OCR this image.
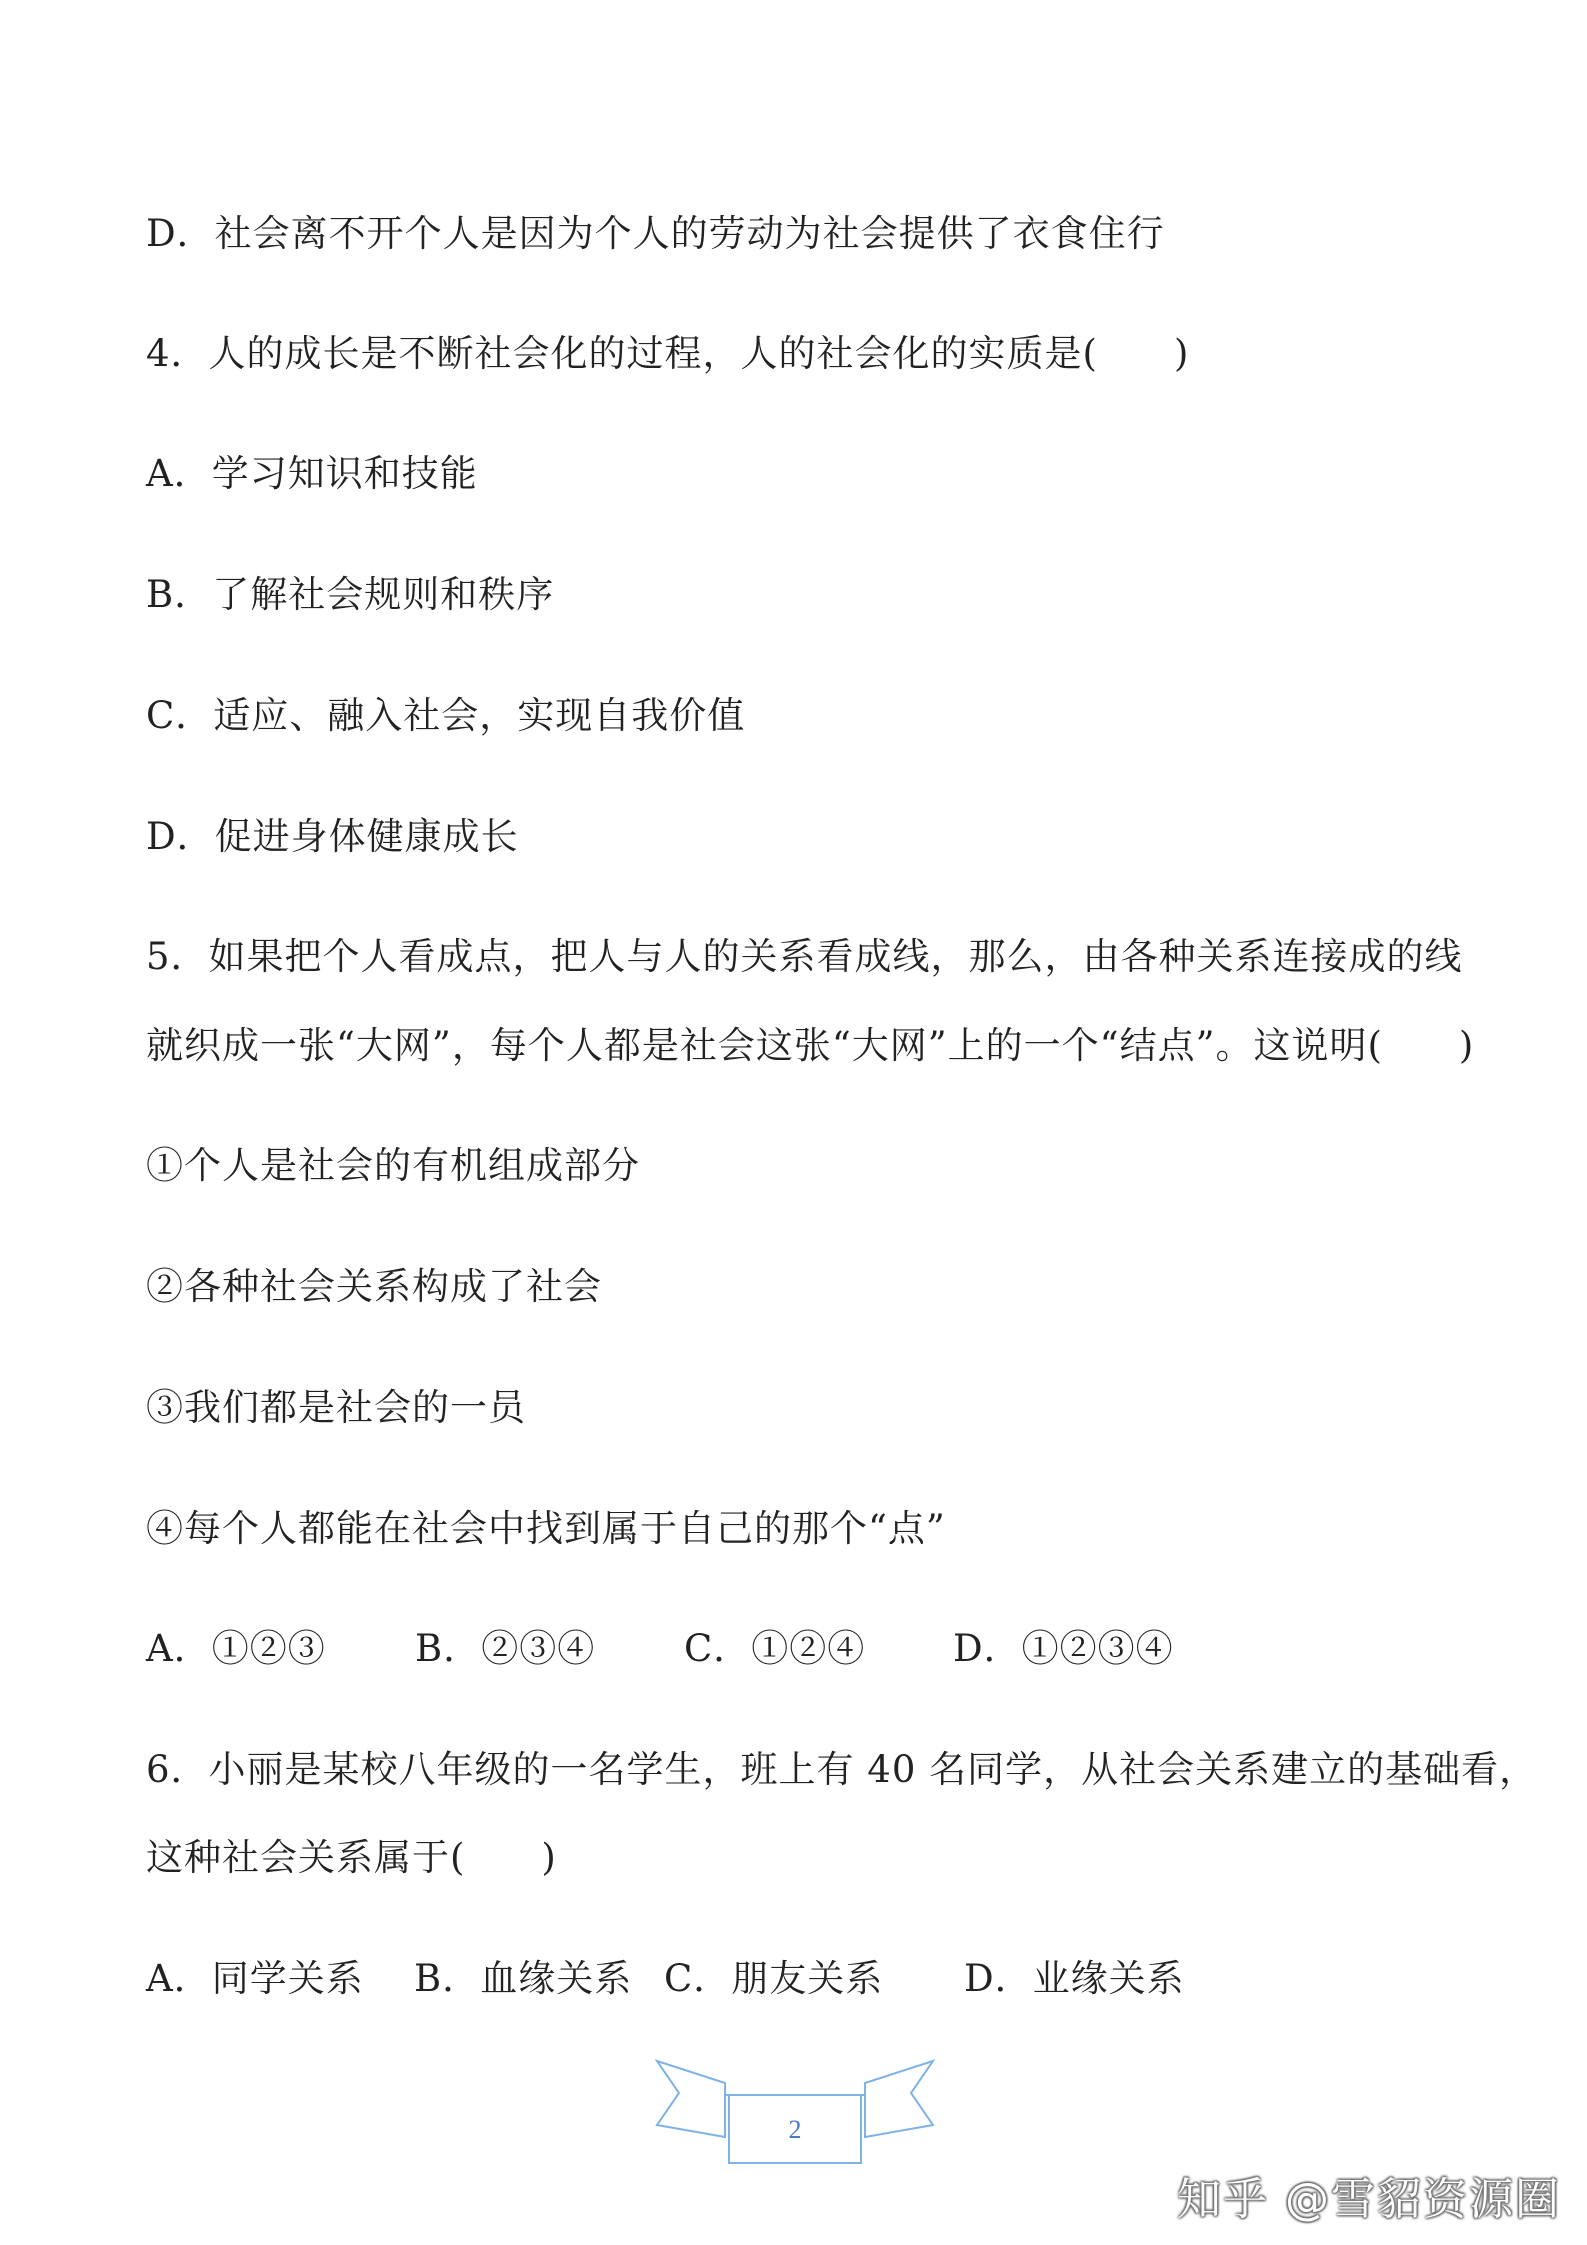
D．社会离不开个人是因为个人的劳动为社会提供了衣食住行
4．人的成长是不断社会化的过程，人的社会化的实质是(　　)
A．学习知识和技能
B．了解社会规则和秩序
C．适应、融入社会，实现自我价值
D．促进身体健康成长
5．如果把个人看成点，把人与人的关系看成线，那么，由各种关系连接成的线
就织成一张“大网”，每个人都是社会这张“大网”上的一个“结点”。这说明(　　)
①个人是社会的有机组成部分
②各种社会关系构成了社会
③我们都是社会的一员
④每个人都能在社会中找到属于自己的那个“点”
A．①②③ B．②③④ C．①②④ D．①②③④
6．小丽是某校八年级的一名学生，班上有 40 名同学，从社会关系建立的基础看，
这种社会关系属于(　　)
A．同学关系 B．血缘关系 C．朋友关系 D．业缘关系
2
知乎 @雪貂资源圈
